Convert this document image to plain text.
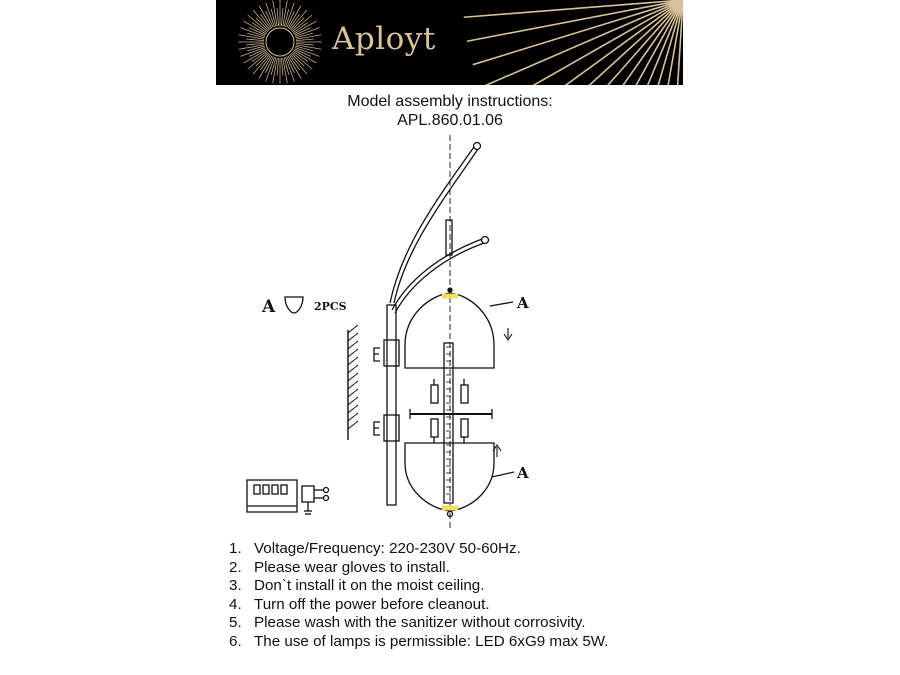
Aployt
Model assembly instructions:
APL.860.01.06
A	2PCS	A
A
1. Voltage/Frequency: 220-230V 50-60Hz.
2. Please wear gloves to install.
3. Don`t install it on the moist ceiling.
4. Turn off the power before cleanout.
5. Please wash with the sanitizer without corrosivity.
6. The use of lamps is permissible: LED 6xG9 max 5W.
